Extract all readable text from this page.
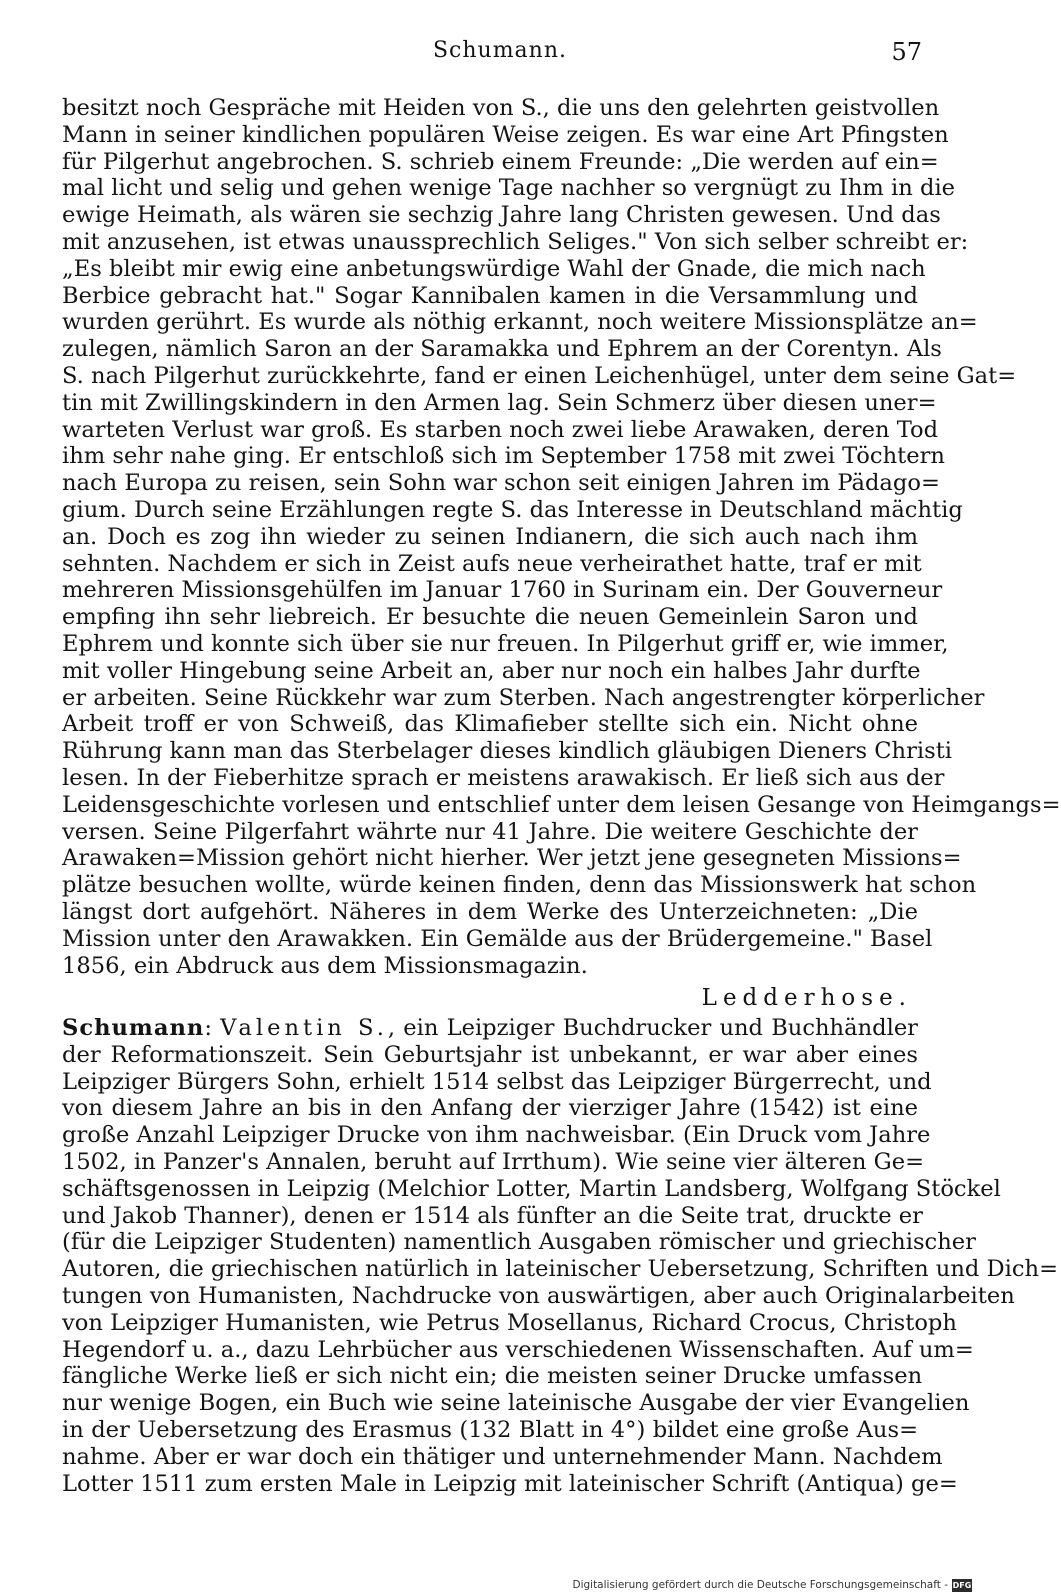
Schumann.	57
besitzt noch Gespräche mit Heiden von S., die uns den gelehrten geistvollen
Mann in seiner kindlichen populären Weise zeigen. Es war eine Art Pfingsten
für Pilgerhut angebrochen. S. schrieb einem Freunde: „Die werden auf ein=
mal licht und selig und gehen wenige Tage nachher so vergnügt zu Ihm in die
ewige Heimath, als wären sie sechzig Jahre lang Christen gewesen. Und das
mit anzusehen, ist etwas unaussprechlich Seliges." Von sich selber schreibt er:
„Es bleibt mir ewig eine anbetungswürdige Wahl der Gnade, die mich nach
Berbice gebracht hat." Sogar Kannibalen kamen in die Versammlung und
wurden gerührt. Es wurde als nöthig erkannt, noch weitere Missionsplätze an=
zulegen, nämlich Saron an der Saramakka und Ephrem an der Corentyn. Als
S. nach Pilgerhut zurückkehrte, fand er einen Leichenhügel, unter dem seine Gat=
tin mit Zwillingskindern in den Armen lag. Sein Schmerz über diesen uner=
warteten Verlust war groß. Es starben noch zwei liebe Arawaken, deren Tod
ihm sehr nahe ging. Er entschloß sich im September 1758 mit zwei Töchtern
nach Europa zu reisen, sein Sohn war schon seit einigen Jahren im Pädago=
gium. Durch seine Erzählungen regte S. das Interesse in Deutschland mächtig
an. Doch es zog ihn wieder zu seinen Indianern, die sich auch nach ihm
sehnten. Nachdem er sich in Zeist aufs neue verheirathet hatte, traf er mit
mehreren Missionsgehülfen im Januar 1760 in Surinam ein. Der Gouverneur
empfing ihn sehr liebreich. Er besuchte die neuen Gemeinlein Saron und
Ephrem und konnte sich über sie nur freuen. In Pilgerhut griff er, wie immer,
mit voller Hingebung seine Arbeit an, aber nur noch ein halbes Jahr durfte
er arbeiten. Seine Rückkehr war zum Sterben. Nach angestrengter körperlicher
Arbeit troff er von Schweiß, das Klimafieber stellte sich ein. Nicht ohne
Rührung kann man das Sterbelager dieses kindlich gläubigen Dieners Christi
lesen. In der Fieberhitze sprach er meistens arawakisch. Er ließ sich aus der
Leidensgeschichte vorlesen und entschlief unter dem leisen Gesange von Heimgangs=
versen. Seine Pilgerfahrt währte nur 41 Jahre. Die weitere Geschichte der
Arawaken=Mission gehört nicht hierher. Wer jetzt jene gesegneten Missions=
plätze besuchen wollte, würde keinen finden, denn das Missionswerk hat schon
längst dort aufgehört. Näheres in dem Werke des Unterzeichneten: „Die
Mission unter den Arawakken. Ein Gemälde aus der Brüdergemeine." Basel
1856, ein Abdruck aus dem Missionsmagazin.
Ledderhose.
Schumann: Valentin S., ein Leipziger Buchdrucker und Buchhändler
der Reformationszeit. Sein Geburtsjahr ist unbekannt, er war aber eines
Leipziger Bürgers Sohn, erhielt 1514 selbst das Leipziger Bürgerrecht, und
von diesem Jahre an bis in den Anfang der vierziger Jahre (1542) ist eine
große Anzahl Leipziger Drucke von ihm nachweisbar. (Ein Druck vom Jahre
1502, in Panzer's Annalen, beruht auf Irrthum). Wie seine vier älteren Ge=
schäftsgenossen in Leipzig (Melchior Lotter, Martin Landsberg, Wolfgang Stöckel
und Jakob Thanner), denen er 1514 als fünfter an die Seite trat, druckte er
(für die Leipziger Studenten) namentlich Ausgaben römischer und griechischer
Autoren, die griechischen natürlich in lateinischer Uebersetzung, Schriften und Dich=
tungen von Humanisten, Nachdrucke von auswärtigen, aber auch Originalarbeiten
von Leipziger Humanisten, wie Petrus Mosellanus, Richard Crocus, Christoph
Hegendorf u. a., dazu Lehrbücher aus verschiedenen Wissenschaften. Auf um=
fängliche Werke ließ er sich nicht ein; die meisten seiner Drucke umfassen
nur wenige Bogen, ein Buch wie seine lateinische Ausgabe der vier Evangelien
in der Uebersetzung des Erasmus (132 Blatt in 4°) bildet eine große Aus=
nahme. Aber er war doch ein thätiger und unternehmender Mann. Nachdem
Lotter 1511 zum ersten Male in Leipzig mit lateinischer Schrift (Antiqua) ge=
Digitalisierung gefördert durch die Deutsche Forschungsgemeinschaft - DFG
